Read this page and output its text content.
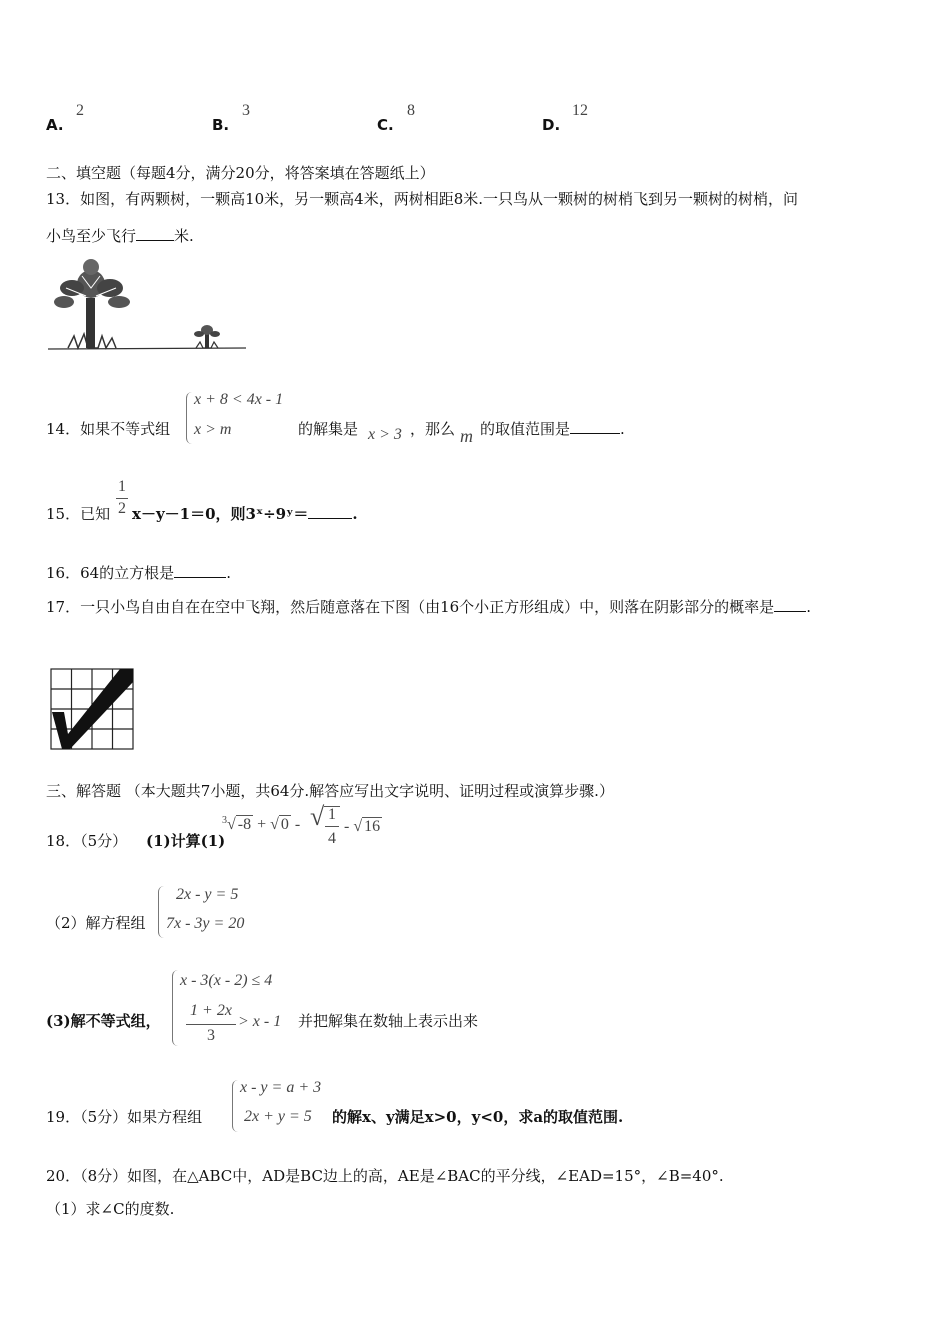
A.
2
B.
3
C.
8
D.
12
二、填空题（每题4分，满分20分，将答案填在答题纸上）
13．如图，有两颗树，一颗高10米，另一颗高4米，两树相距8米.一只鸟从一颗树的树梢飞到另一颗树的树梢，问
小鸟至少飞行	米.
14．如果不等式组
x + 8 < 4x - 1
x > m	的解集是 x > 3 ，那么 m 的取值范围是	.
15．已知
1
2 x－y－1＝0，则3ˣ÷9ʸ＝	.
16．64的立方根是	.
17．一只小鸟自由自在在空中飞翔，然后随意落在下图（由16个小正方形组成）中，则落在阴影部分的概率是 .
三、解答题 （本大题共7小题，共64分.解答应写出文字说明、证明过程或演算步骤.）
18．（5分） (1)计算(1)
$^3$√ -8 + √ 0 - √ 1
4
- √ 16
（2）解方程组
2x - y = 5
7x - 3y = 20
(3)解不等式组，
x - 3(x - 2) ≤ 4
1 + 2x
3
> x - 1 并把解集在数轴上表示出来
19．（5分）如果方程组
x - y = a + 3
2x + y = 5 的解x、y满足x>0，y<0，求a的取值范围.
20．（8分）如图，在△ABC中，AD是BC边上的高，AE是∠BAC的平分线，∠EAD=15°，∠B=40°.
（1）求∠C的度数.
